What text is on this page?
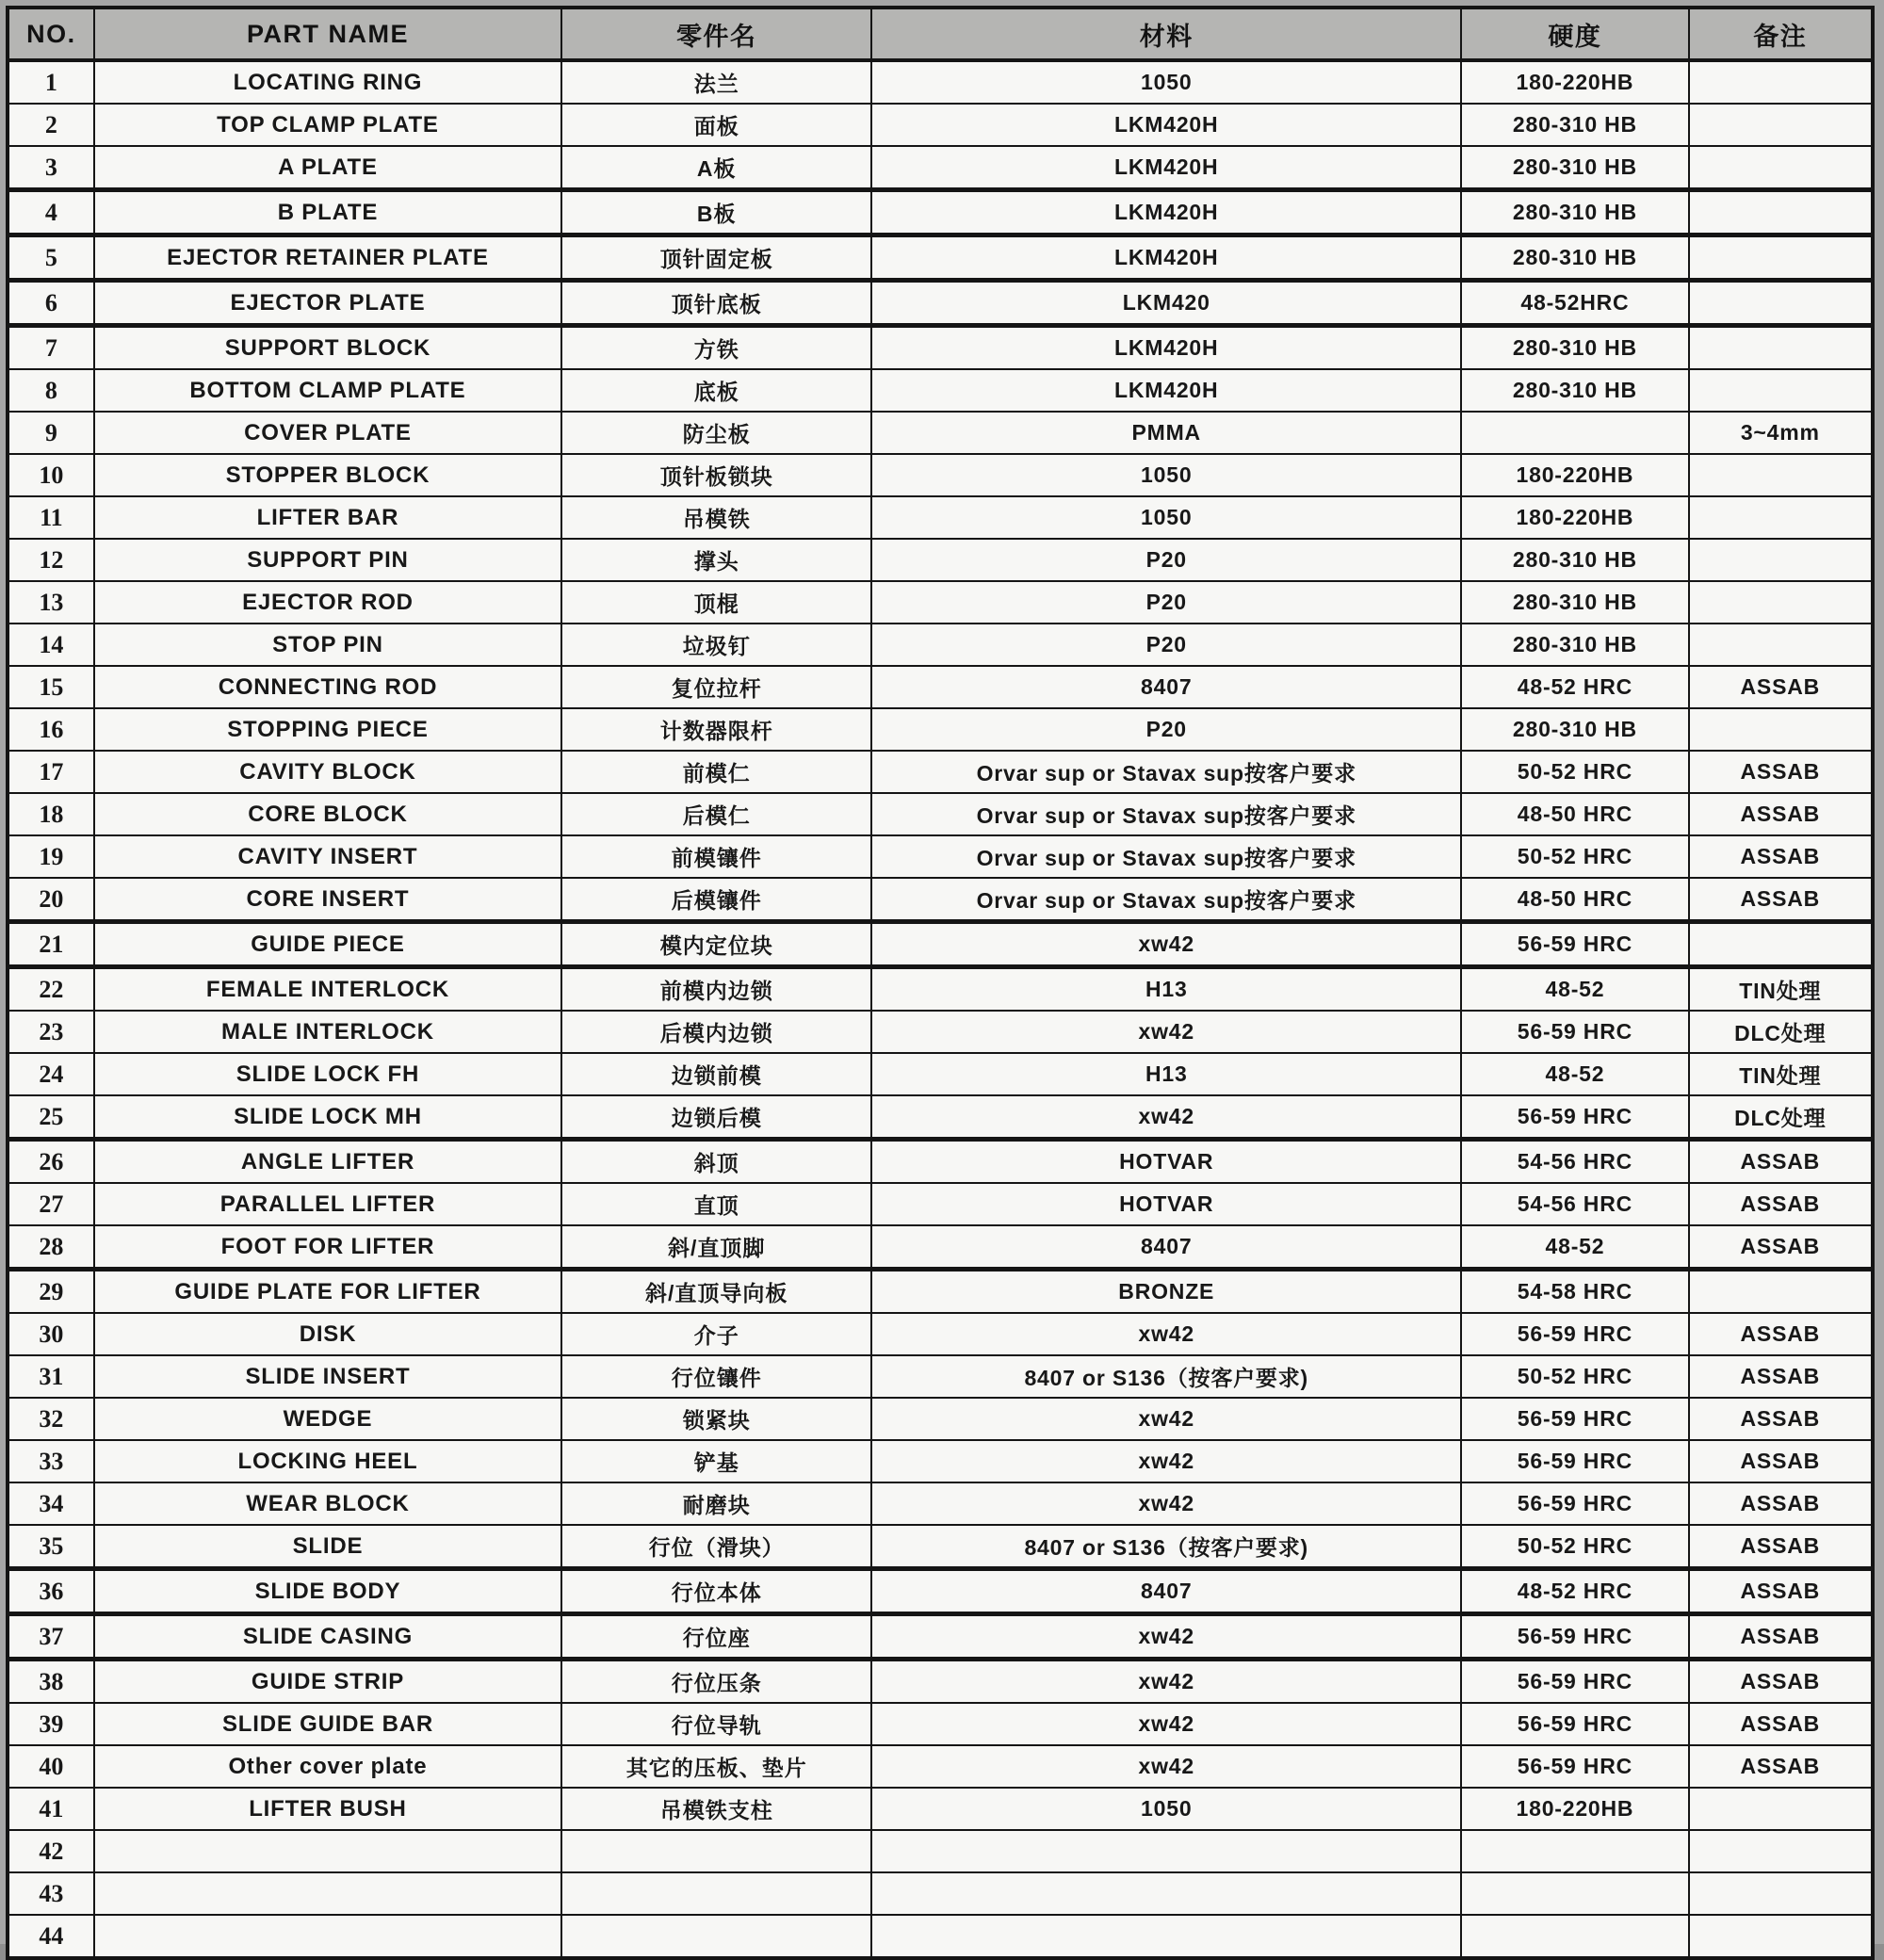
NO.	PART NAME	零件名	材料	硬度	备注
1	LOCATING RING	法兰	1050	180-220HB	
2	TOP CLAMP PLATE	面板	LKM420H	280-310 HB	
3	A PLATE	A板	LKM420H	280-310 HB	
4	B PLATE	B板	LKM420H	280-310 HB	
5	EJECTOR RETAINER PLATE	顶针固定板	LKM420H	280-310 HB	
6	EJECTOR PLATE	顶针底板	LKM420	48-52HRC	
7	SUPPORT BLOCK	方铁	LKM420H	280-310 HB	
8	BOTTOM CLAMP PLATE	底板	LKM420H	280-310 HB	
9	COVER PLATE	防尘板	PMMA		3~4mm
10	STOPPER BLOCK	顶针板锁块	1050	180-220HB	
11	LIFTER BAR	吊模铁	1050	180-220HB	
12	SUPPORT PIN	撑头	P20	280-310 HB	
13	EJECTOR ROD	顶棍	P20	280-310 HB	
14	STOP PIN	垃圾钉	P20	280-310 HB	
15	CONNECTING ROD	复位拉杆	8407	48-52 HRC	ASSAB
16	STOPPING PIECE	计数器限杆	P20	280-310 HB	
17	CAVITY BLOCK	前模仁	Orvar sup or Stavax sup按客户要求	50-52 HRC	ASSAB
18	CORE BLOCK	后模仁	Orvar sup or Stavax sup按客户要求	48-50 HRC	ASSAB
19	CAVITY INSERT	前模镶件	Orvar sup or Stavax sup按客户要求	50-52 HRC	ASSAB
20	CORE INSERT	后模镶件	Orvar sup or Stavax sup按客户要求	48-50 HRC	ASSAB
21	GUIDE PIECE	模内定位块	xw42	56-59 HRC	
22	FEMALE INTERLOCK	前模内边锁	H13	48-52	TIN处理
23	MALE INTERLOCK	后模内边锁	xw42	56-59 HRC	DLC处理
24	SLIDE LOCK FH	边锁前模	H13	48-52	TIN处理
25	SLIDE LOCK MH	边锁后模	xw42	56-59 HRC	DLC处理
26	ANGLE LIFTER	斜顶	HOTVAR	54-56 HRC	ASSAB
27	PARALLEL LIFTER	直顶	HOTVAR	54-56 HRC	ASSAB
28	FOOT FOR LIFTER	斜/直顶脚	8407	48-52	ASSAB
29	GUIDE PLATE FOR LIFTER	斜/直顶导向板	BRONZE	54-58 HRC	
30	DISK	介子	xw42	56-59 HRC	ASSAB
31	SLIDE INSERT	行位镶件	8407 or S136（按客户要求)	50-52 HRC	ASSAB
32	WEDGE	锁紧块	xw42	56-59 HRC	ASSAB
33	LOCKING HEEL	铲基	xw42	56-59 HRC	ASSAB
34	WEAR BLOCK	耐磨块	xw42	56-59 HRC	ASSAB
35	SLIDE	行位（滑块）	8407 or S136（按客户要求)	50-52 HRC	ASSAB
36	SLIDE BODY	行位本体	8407	48-52 HRC	ASSAB
37	SLIDE CASING	行位座	xw42	56-59 HRC	ASSAB
38	GUIDE STRIP	行位压条	xw42	56-59 HRC	ASSAB
39	SLIDE GUIDE BAR	行位导轨	xw42	56-59 HRC	ASSAB
40	Other cover plate	其它的压板、垫片	xw42	56-59 HRC	ASSAB
41	LIFTER BUSH	吊模铁支柱	1050	180-220HB	
42					
43					
44					
